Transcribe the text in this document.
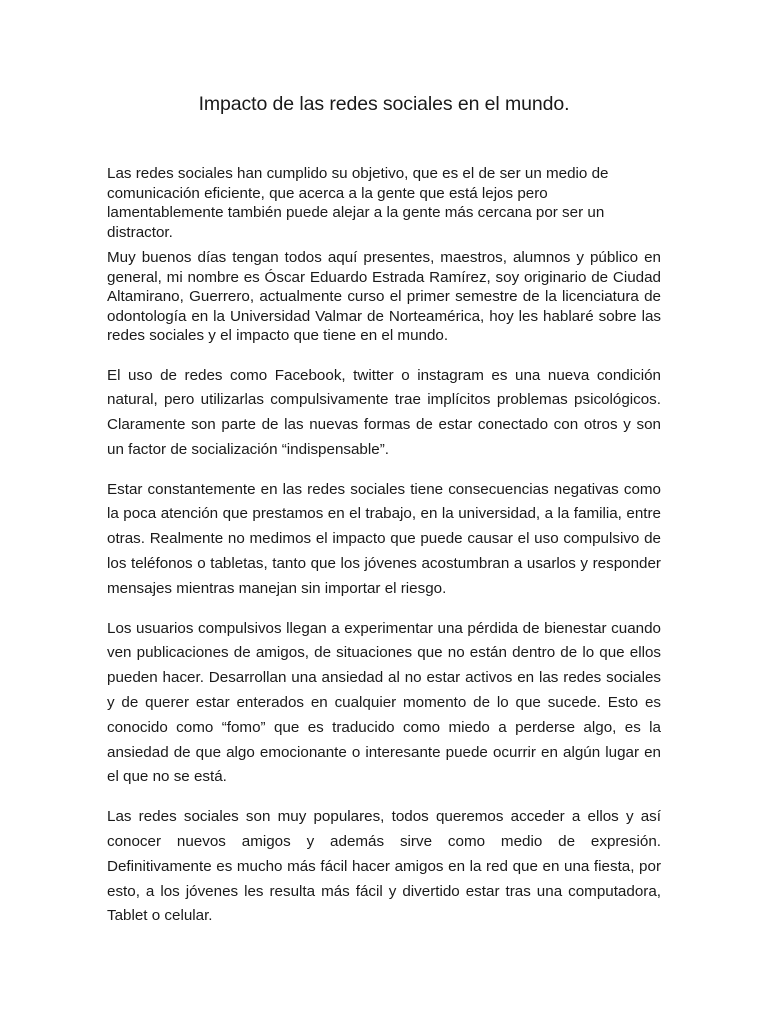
Impacto de las redes sociales en el mundo.

Las redes sociales han cumplido su objetivo, que es el de ser un medio de comunicación eficiente, que acerca a la gente que está lejos pero lamentablemente también puede alejar a la gente más cercana por ser un distractor.

Muy buenos días tengan todos aquí presentes, maestros, alumnos y público en general, mi nombre es Óscar Eduardo Estrada Ramírez, soy originario de Ciudad Altamirano, Guerrero, actualmente curso el primer semestre de la licenciatura de odontología en la Universidad Valmar de Norteamérica, hoy les hablaré sobre las redes sociales y el impacto que tiene en el mundo.

El uso de redes como Facebook, twitter o instagram es una nueva condición natural, pero utilizarlas compulsivamente trae implícitos problemas psicológicos. Claramente son parte de las nuevas formas de estar conectado con otros y son un factor de socialización “indispensable”.

Estar constantemente en las redes sociales tiene consecuencias negativas como la poca atención que prestamos en el trabajo, en la universidad, a la familia, entre otras. Realmente no medimos el impacto que puede causar el uso compulsivo de los teléfonos o tabletas, tanto que los jóvenes acostumbran a usarlos y responder mensajes mientras manejan sin importar el riesgo.

Los usuarios compulsivos llegan a experimentar una pérdida de bienestar cuando ven publicaciones de amigos, de situaciones que no están dentro de lo que ellos pueden hacer. Desarrollan una ansiedad al no estar activos en las redes sociales y de querer estar enterados en cualquier momento de lo que sucede. Esto es conocido como “fomo” que es traducido como miedo a perderse algo, es la ansiedad de que algo emocionante o interesante puede ocurrir en algún lugar en el que no se está.

Las redes sociales son muy populares, todos queremos acceder a ellos y así conocer nuevos amigos y además sirve como medio de expresión. Definitivamente es mucho más fácil hacer amigos en la red que en una fiesta, por esto, a los jóvenes les resulta más fácil y divertido estar tras una computadora, Tablet o celular.
